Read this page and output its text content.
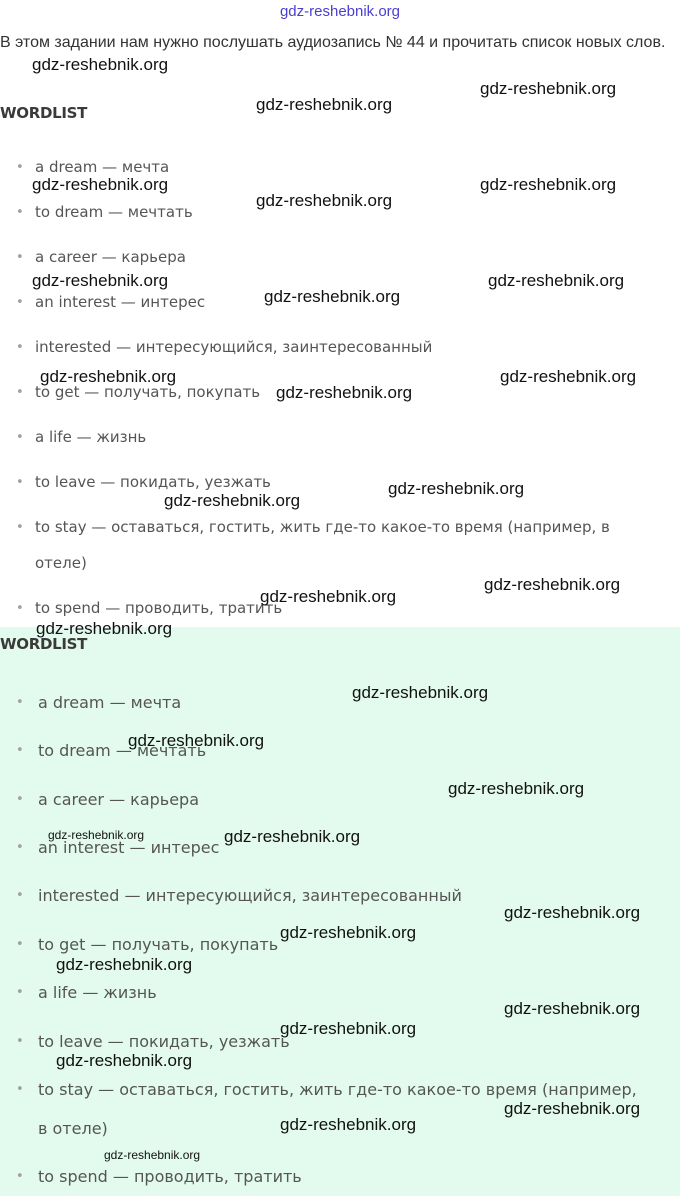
gdz-reshebnik.org
В этом задании нам нужно послушать аудиозапись № 44 и прочитать список новых слов.
WORDLIST
• a dream — мечта
• to dream — мечтать
• a career — карьера
• an interest — интерес
• interested — интересующийся, заинтересованный
• to get — получать, покупать
• a life — жизнь
• to leave — покидать, уезжать
• to stay — оставаться, гостить, жить где-то какое-то время (например, в
отеле)
• to spend — проводить, тратить
WORDLIST
• a dream — мечта
• to dream — мечтать
• a career — карьера
• an interest — интерес
• interested — интересующийся, заинтересованный
• to get — получать, покупать
• a life — жизнь
• to leave — покидать, уезжать
• to stay — оставаться, гостить, жить где-то какое-то время (например,
в отеле)
• to spend — проводить, тратить
gdz-reshebnik.org
gdz-reshebnik.org
gdz-reshebnik.org
gdz-reshebnik.org	gdz-reshebnik.org
gdz-reshebnik.org
gdz-reshebnik.org	gdz-reshebnik.org
gdz-reshebnik.org
gdz-reshebnik.org	gdz-reshebnik.org
gdz-reshebnik.org
gdz-reshebnik.org
gdz-reshebnik.org
gdz-reshebnik.org
gdz-reshebnik.org
gdz-reshebnik.org
gdz-reshebnik.org
gdz-reshebnik.org
gdz-reshebnik.org
gdz-reshebnik.org	gdz-reshebnik.org
gdz-reshebnik.org
gdz-reshebnik.org
gdz-reshebnik.org
gdz-reshebnik.org
gdz-reshebnik.org
gdz-reshebnik.org
gdz-reshebnik.org
gdz-reshebnik.org
gdz-reshebnik.org
